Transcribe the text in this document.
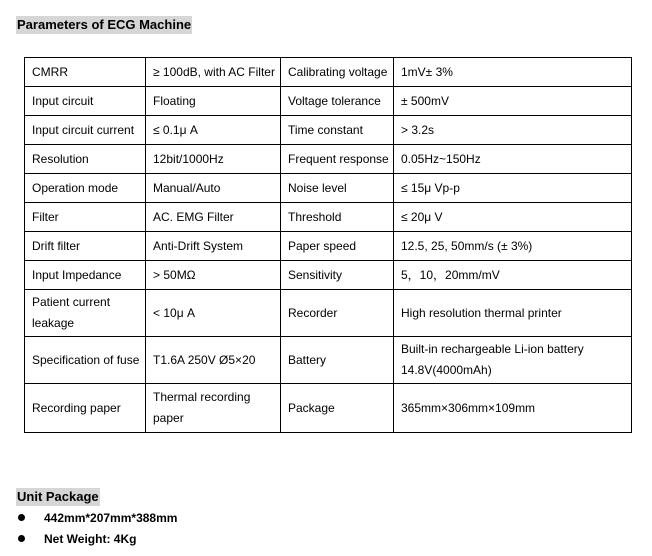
Parameters of ECG Machine
CMRR	≥ 100dB, with AC Filter	Calibrating voltage	1mV± 3%
Input circuit	Floating	Voltage tolerance	± 500mV
Input circuit current	≤ 0.1μ A	Time constant	> 3.2s
Resolution	12bit/1000Hz	Frequent response	0.05Hz~150Hz
Operation mode	Manual/Auto	Noise level	≤ 15μ Vp-p
Filter	AC. EMG Filter	Threshold	≤ 20μ V
Drift filter	Anti-Drift System	Paper speed	12.5, 25, 50mm/s (± 3%)
Input Impedance	> 50MΩ	Sensitivity	5，10，20mm/mV
Patient current leakage	< 10μ A	Recorder	High resolution thermal printer
Specification of fuse	T1.6A 250V Ø5×20	Battery	Built-in rechargeable Li-ion battery 14.8V(4000mAh)
Recording paper	Thermal recording paper	Package	365mm×306mm×109mm
Unit Package
442mm*207mm*388mm
Net Weight: 4Kg
